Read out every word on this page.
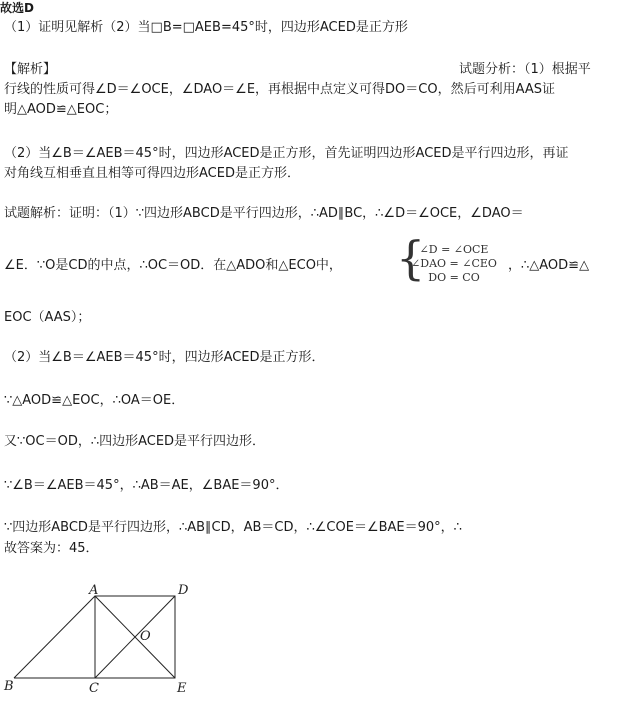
故选D
（1）证明见解析（2）当□B=□AEB=45°时，四边形ACED是正方形
【解析】	试题分析：（1）根据平
行线的性质可得∠D＝∠OCE，∠DAO＝∠E，再根据中点定义可得DO＝CO，然后可利用AAS证
明△AOD≌△EOC；
（2）当∠B＝∠AEB＝45°时，四边形ACED是正方形，首先证明四边形ACED是平行四边形，再证
对角线互相垂直且相等可得四边形ACED是正方形．
试题解析：证明：（1）∵四边形ABCD是平行四边形，∴AD∥BC，∴∠D＝∠OCE，∠DAO＝
∠E．∵O是CD的中点，∴OC＝OD．在△ADO和△ECO中， {
∠D = ∠OCE
∠DAO = ∠CEO
DO = CO
，∴△AOD≌△
EOC（AAS）；
（2）当∠B＝∠AEB＝45°时，四边形ACED是正方形．
∵△AOD≌△EOC，∴OA＝OE．
又∵OC＝OD，∴四边形ACED是平行四边形．
∵∠B＝∠AEB＝45°，∴AB＝AE，∠BAE＝90°．
∵四边形ABCD是平行四边形，∴AB∥CD，AB＝CD，∴∠COE＝∠BAE＝90°，∴
故答案为：45．
A	D
B	C	E
O
